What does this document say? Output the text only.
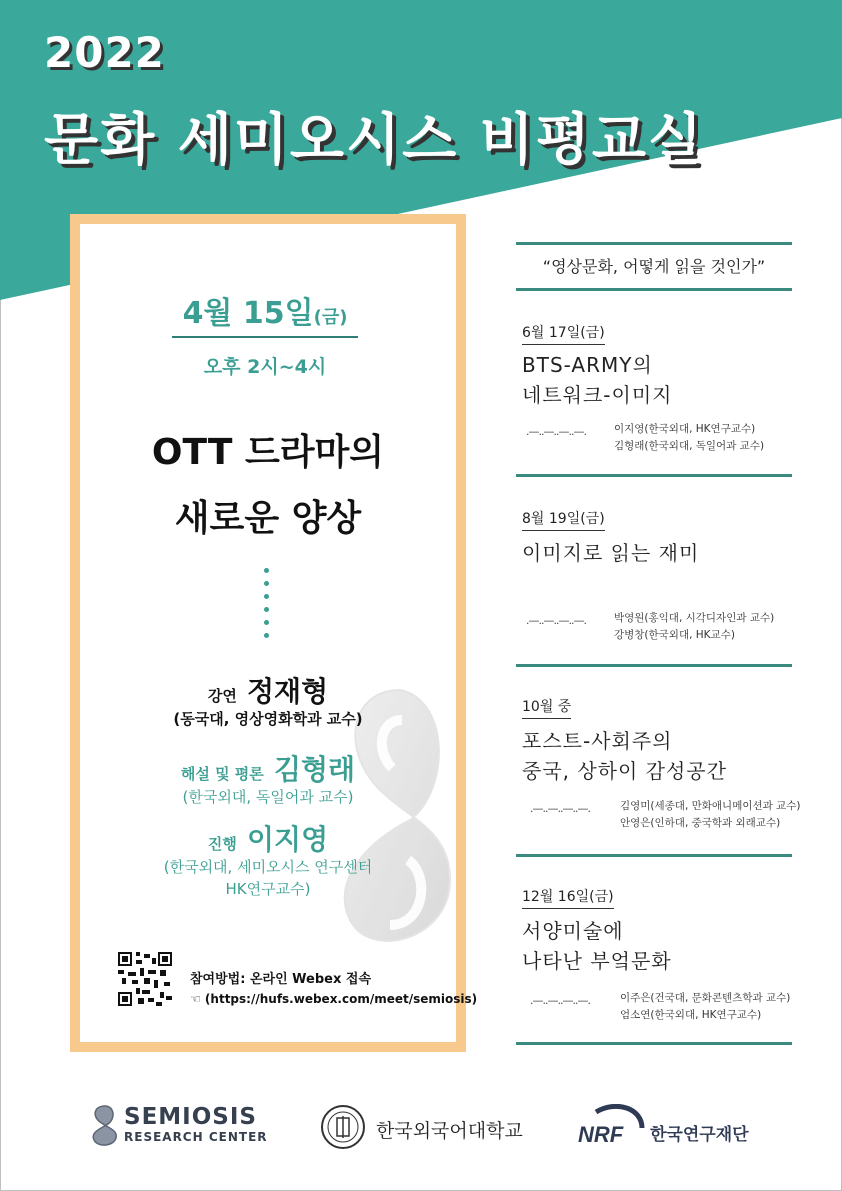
2022
문화 세미오시스 비평교실
4월 15일(금)
오후 2시~4시
OTT 드라마의
새로운 양상
강연 정재형
(동국대, 영상영화학과 교수)
해설 및 평론 김형래
(한국외대, 독일어과 교수)
진행 이지영
(한국외대, 세미오시스 연구센터
HK연구교수)
참여방법: 온라인 Webex 접속
☜ (https://hufs.webex.com/meet/semiosis)
“영상문화, 어떻게 읽을 것인가”
6월 17일(금)
BTS-ARMY의
네트워크-이미지
.—..—..—..—.	이지영(한국외대, HK연구교수)
김형래(한국외대, 독일어과 교수)
8월 19일(금)
이미지로 읽는 재미
.—..—..—..—.	박영원(홍익대, 시각디자인과 교수)
강병창(한국외대, HK교수)
10월 중
포스트-사회주의
중국, 상하이 감성공간
.—..—..—..—.	김영미(세종대, 만화애니메이션과 교수)
안영은(인하대, 중국학과 외래교수)
12월 16일(금)
서양미술에
나타난 부엌문화
.—..—..—..—.	이주은(건국대, 문화콘텐츠학과 교수)
엄소연(한국외대, HK연구교수)
SEMIOSIS
RESEARCH CENTER	한국외국어대학교	NRF 한국연구재단
